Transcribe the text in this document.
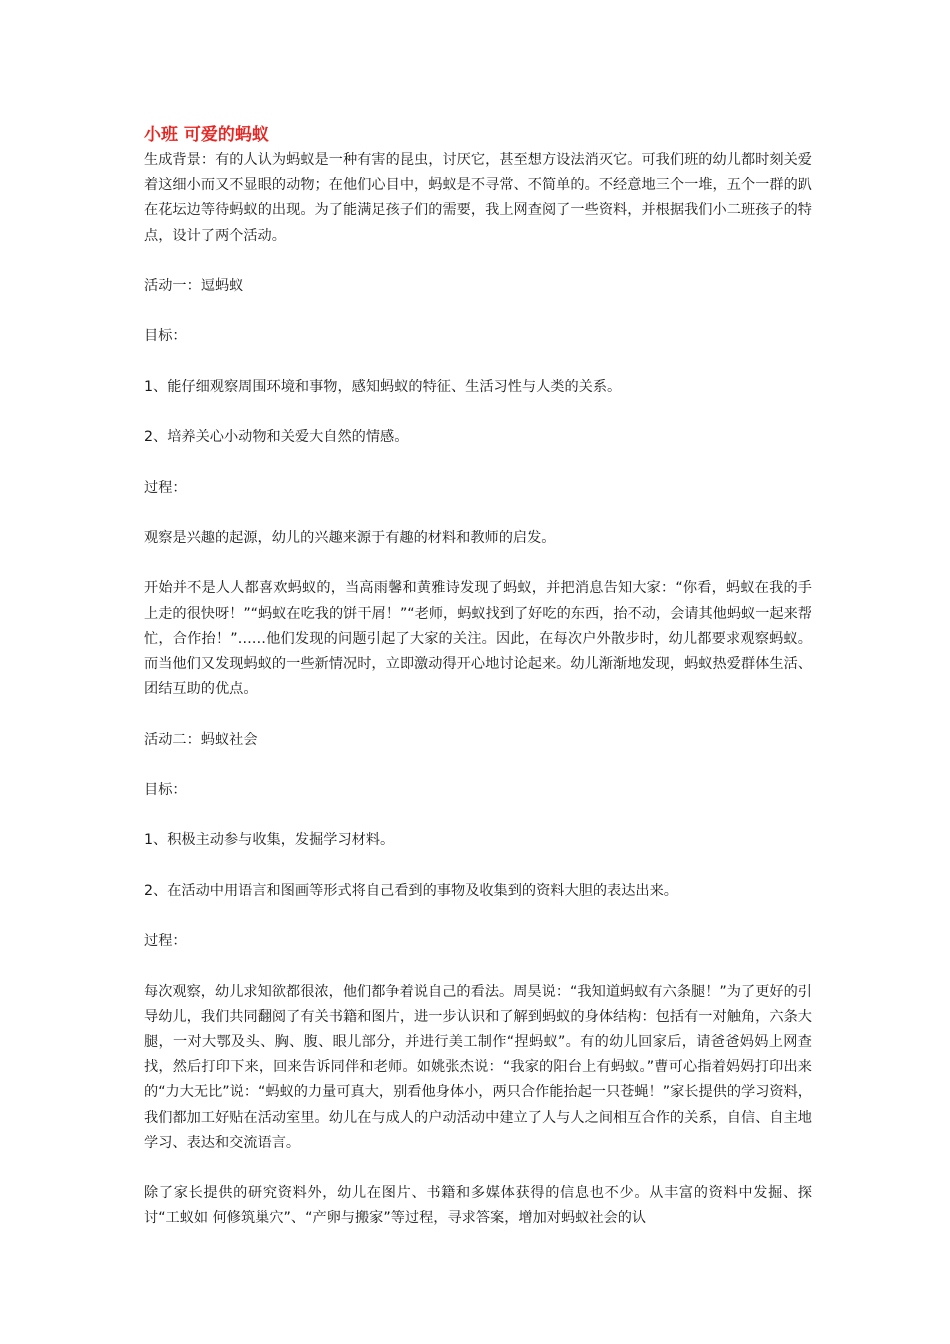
小班 可爱的蚂蚁

生成背景：有的人认为蚂蚁是一种有害的昆虫，讨厌它，甚至想方设法消灭它。可我们班的幼儿都时刻关爱着这细小而又不显眼的动物；在他们心目中，蚂蚁是不寻常、不简单的。不经意地三个一堆，五个一群的趴在花坛边等待蚂蚁的出现。为了能满足孩子们的需要，我上网查阅了一些资料，并根据我们小二班孩子的特点，设计了两个活动。

活动一：逗蚂蚁

目标：

1、能仔细观察周围环境和事物，感知蚂蚁的特征、生活习性与人类的关系。

2、培养关心小动物和关爱大自然的情感。

过程：

观察是兴趣的起源，幼儿的兴趣来源于有趣的材料和教师的启发。

开始并不是人人都喜欢蚂蚁的，当高雨馨和黄雅诗发现了蚂蚁，并把消息告知大家：“你看，蚂蚁在我的手上走的很快呀！”“蚂蚁在吃我的饼干屑！”“老师，蚂蚁找到了好吃的东西，抬不动，会请其他蚂蚁一起来帮忙，合作抬！”……他们发现的问题引起了大家的关注。因此，在每次户外散步时，幼儿都要求观察蚂蚁。而当他们又发现蚂蚁的一些新情况时，立即激动得开心地讨论起来。幼儿渐渐地发现，蚂蚁热爱群体生活、团结互助的优点。

活动二：蚂蚁社会

目标：

1、积极主动参与收集，发掘学习材料。

2、在活动中用语言和图画等形式将自己看到的事物及收集到的资料大胆的表达出来。

过程：

每次观察，幼儿求知欲都很浓，他们都争着说自己的看法。周昊说：“我知道蚂蚁有六条腿！”为了更好的引导幼儿，我们共同翻阅了有关书籍和图片，进一步认识和了解到蚂蚁的身体结构：包括有一对触角，六条大腿，一对大鄂及头、胸、腹、眼儿部分，并进行美工制作“捏蚂蚁”。有的幼儿回家后，请爸爸妈妈上网查找，然后打印下来，回来告诉同伴和老师。如姚张杰说：“我家的阳台上有蚂蚁。”曹可心指着妈妈打印出来的“力大无比”说：“蚂蚁的力量可真大，别看他身体小，两只合作能抬起一只苍蝇！”家长提供的学习资料，我们都加工好贴在活动室里。幼儿在与成人的户动活动中建立了人与人之间相互合作的关系，自信、自主地学习、表达和交流语言。

除了家长提供的研究资料外，幼儿在图片、书籍和多媒体获得的信息也不少。从丰富的资料中发掘、探讨“工蚁如 何修筑巢穴”、“产卵与搬家”等过程，寻求答案，增加对蚂蚁社会的认
